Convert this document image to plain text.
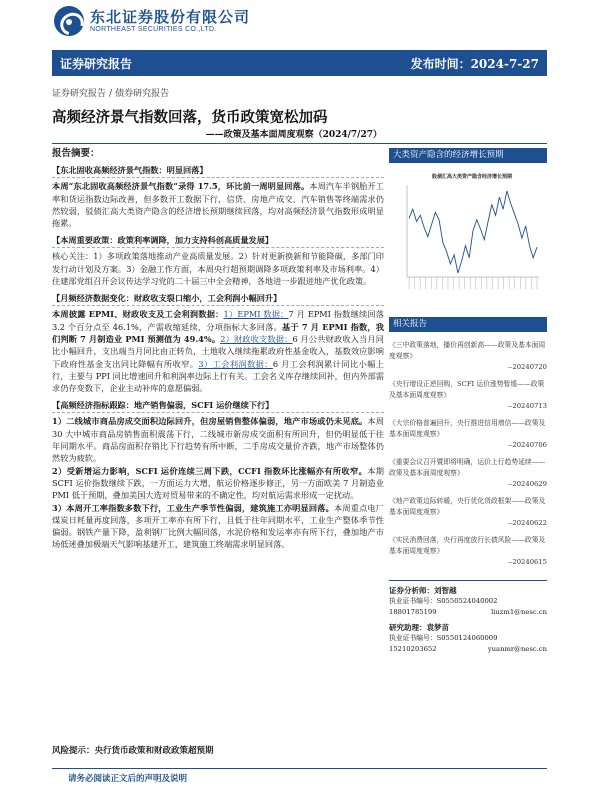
东北证券股份有限公司
NORTHEAST SECURITIES CO.,LTD.
证券研究报告	发布时间：2024-7-27
证券研究报告 / 债券研究报告
高频经济景气指数回落，货币政策宽松加码
——政策及基本面周度观察（2024/7/27）
报告摘要：
【东北固收高频经济景气指数：明显回落】
本周“东北固收高频经济景气指数”录得 17.5，环比前一周明显回落。本周汽车半钢胎开工率和货运指数边际改善，但多数开工数据下行，信贷、房地产成交、汽车销售等终端需求仍然较弱，驳债汇高大类资产隐含的经济增长预期继续回落，均对高频经济景气指数形成明显拖累。
【本周重要政策：政策利率调降，加力支持科创高质量发展】
核心关注：1）多项政策落地推动产业高质量发展。2）针对更新换新和节能降碳，多部门印发行动计划及方案。3）金融工作方面，本周央行超预期调降多项政策利率及市场利率。4）住建部党组召开会议传达学习党的二十届三中全会精神，各地进一步跟进地产优化政策。
【月频经济数据变化：财政收支裂口缩小，工会利润小幅回升】
本周披露 EPMI、财政收支及工会利润数据：1）EPMI 数据：7 月 EPMI 指数继续回落 3.2 个百分点至 46.1%，产需收缩延续，分项指标大多回落。基于 7 月 EPMI 指数，我们判断 7 月制造业 PMI 预测值为 49.4%。2）财政收支数据：6 月公共财政收入当月同比小幅回升，支出端当月同比由正转负，土地收入继续拖累政府性基金收入，基数效应影响下政府性基金支出同比降幅有所收窄。3）工会利润数据：6 月工会利润累计同比小幅上行，主要与 PPI 同比增速回升和利润率边际上行有关。工会名义库存继续回补，但内外部需求仍存变数下，企业主动补库的意愿偏弱。
【高频经济指标跟踪：地产销售偏弱，SCFI 运价继续下行】
1）二线城市商品房成交面积边际回升，但房屋销售整体偏弱，地产市场或仍未见底。本周 30 大中城市商品房销售面积震荡下行，二线城市新房成交面积有所回升，但仍明显低于往年同期水平。商品房面积存销比下行趋势有所中断，二手房成交量价齐跌，地产市场整体仍然较为疲软。
2）受新增运力影响，SCFI 运价连续三周下跌，CCFI 指数环比涨幅亦有所收窄。本期 SCFI 运价指数继续下跌，一方面运力大增，航运价格逐步修正，另一方面欧美 7 月制造业 PMI 低于预期，叠加美国大选对贸易带来的不确定性，均对航运需求形成一定扰动。
3）本周开工率指数多数下行，工业生产季节性偏弱，建筑施工亦明显回落。本周重点电厂煤炭日耗量再度回落，多项开工率亦有所下行，且低于往年同期水平，工业生产整体季节性偏弱。钢铁产量下降，盈利钢厂比例大幅回落，水泥价格和发运率亦有所下行，叠加地产市场低迷叠加极端天气影响基建开工，建筑施工终端需求明显回落。
大类资产隐含的经济增长预期
股债汇高大类资产隐含经济增长预期
相关报告
《三中政策落地，播价再创新高——政策及基本面周度观察》
--20240720
《央行增设正逆回购，SCFI 运价涨势暂缓——政策及基本面周度观察》
--20240713
《大宗价格普遍回升，央行推进信用增信——政策及基本面周度观察》
--20240706
《重要会议召开暨即将明确，运价上行趋势延续——政策及基本面周度观察》
--20240629
《地产政策边际转暖，央行优化货政框架——政策及基本面周度观察》
--20240622
《实民消费回落，央行再度放行长债风险——政策及基本面周度观察》
--20240615
证券分析师：刘智越
执业证书编号：S0550524040002
18801785199	liuzm1@nesc.cn
研究助理：袁梦苗
执业证书编号：S0550124060009
15210203652	yuanmr@nesc.cn
风险提示：央行货币政策和财政政策超预期
请务必阅读正文后的声明及说明
